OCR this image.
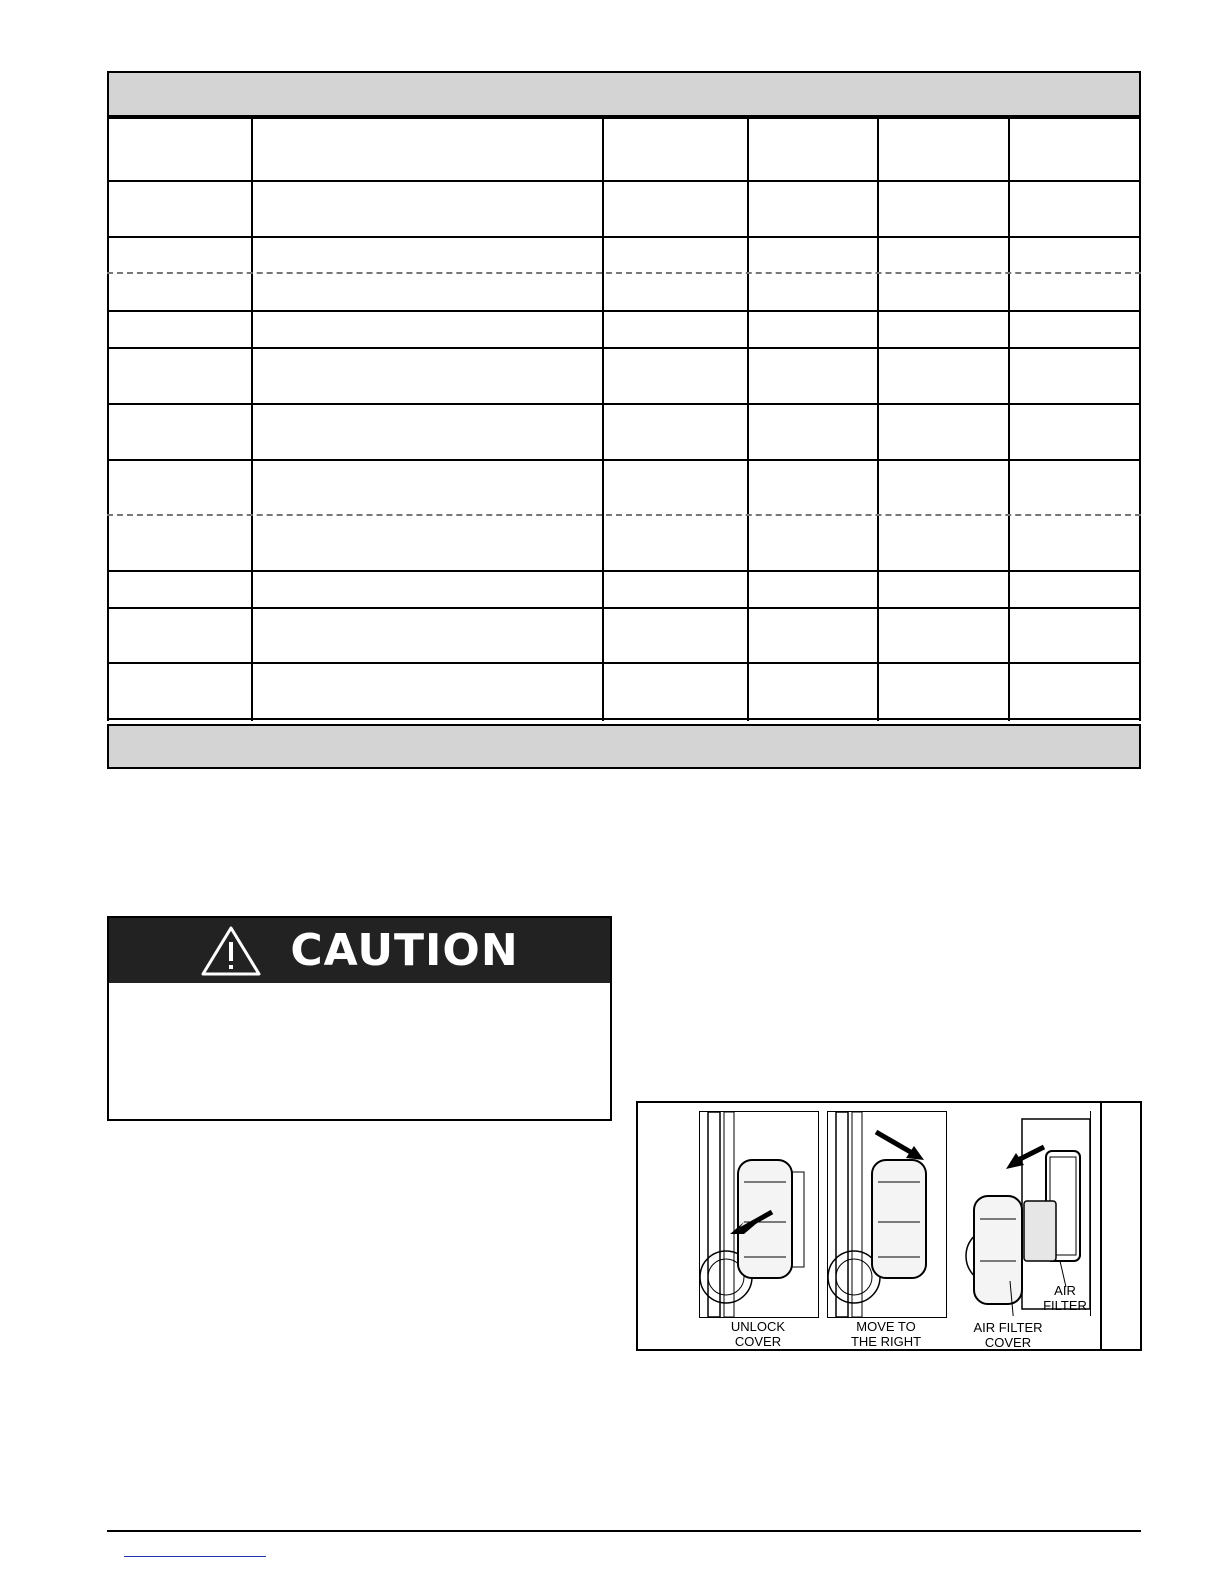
CAUTION
UNLOCK
COVER
MOVE TO
THE RIGHT
AIR FILTER
COVER
AIR
FILTER
